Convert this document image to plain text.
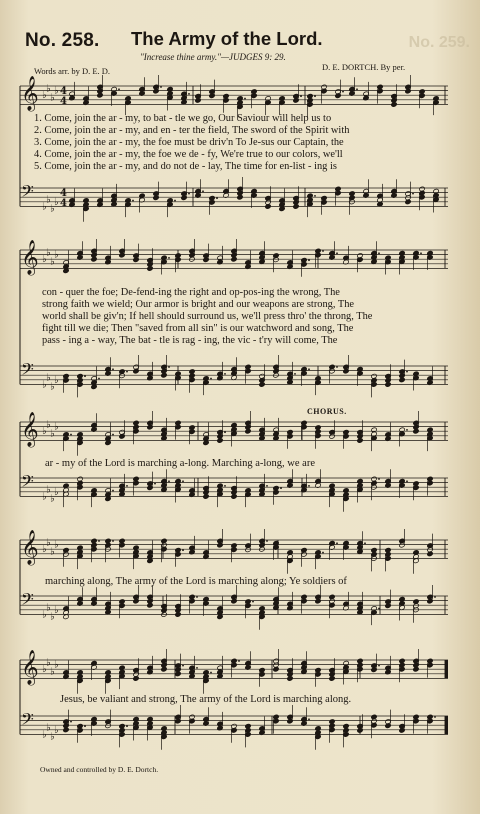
No. 258. The Army of the Lord.	No. 259.
"Increase thine army."—JUDGES 9: 29.
Words arr. by D. E. D.	D. E. DORTCH. By per.
𝄞 ♭
♭
♭
♭ 4
4
𝄢
♭
♭
♭
♭
4
4
𝄞 ♭
♭
♭
♭
𝄢
♭
♭
♭
♭
𝄞 ♭
♭
♭
♭
𝄢
♭
♭
♭
♭
𝄞 ♭
♭
♭
♭
𝄢
♭
♭
♭
♭
𝄞 ♭
♭
♭
♭
𝄢
♭
♭
♭
♭
1. Come, join the ar - my, to bat - tle we go, Our Saviour will help us to
2. Come, join the ar - my, and en - ter the field, The sword of the Spirit with
3. Come, join the ar - my, the foe must be driv'n To Je-sus our Captain, the
4. Come, join the ar - my, the foe we de - fy, We're true to our colors, we'll
5. Come, join the ar - my, and do not de - lay, The time for en-list - ing is
con - quer the foe; De-fend-ing the right and op-pos-ing the wrong, The
strong faith we wield; Our armor is bright and our weapons are strong, The
world shall be giv'n; If hell should surround us, we'll press thro' the throng, The
fight till we die; Then "saved from all sin" is our watchword and song, The
pass - ing a - way, The bat - tle is rag - ing, the vic - t'ry will come, The
CHORUS.
ar - my of the Lord is marching a-long. Marching a-long, we are
marching along, The army of the Lord is marching along; Ye soldiers of
Jesus, be valiant and strong, The army of the Lord is marching along.
Owned and controlled by D. E. Dortch.
